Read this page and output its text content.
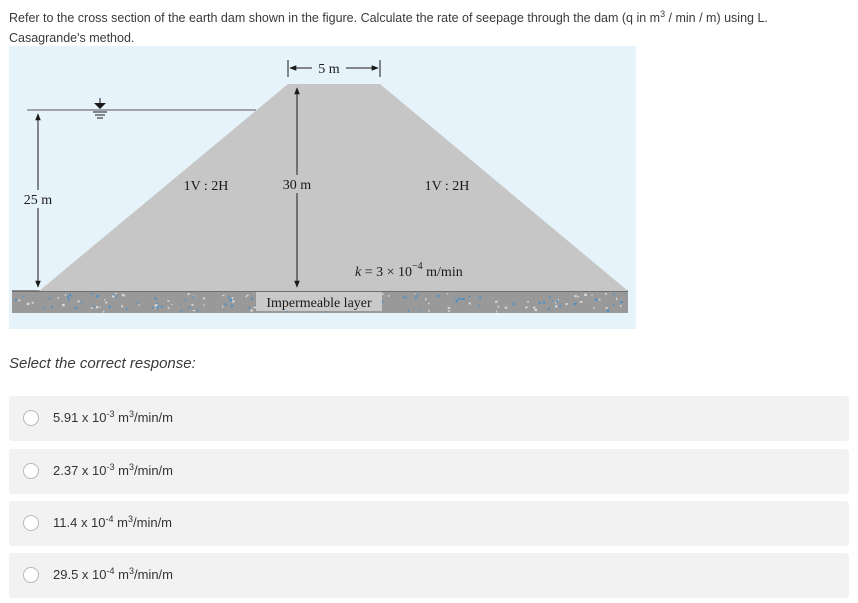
Refer to the cross section of the earth dam shown in the figure. Calculate the rate of seepage through the dam (q in $m^3$ / min / m) using L. Casagrande's method.
25 m
30 m
5 m
1V : 2H	1V : 2H
$k = 3 \times 10^{-4}$ m/min
Impermeable layer
Select the correct response:
5.91 x $10^{-3}$ $m^3/\min/m$
2.37 x $10^{-3}$ $m^3/\min/m$
11.4 x $10^{-4}$ $m^3/\min/m$
29.5 x $10^{-4}$ $m^3/\min/m$
